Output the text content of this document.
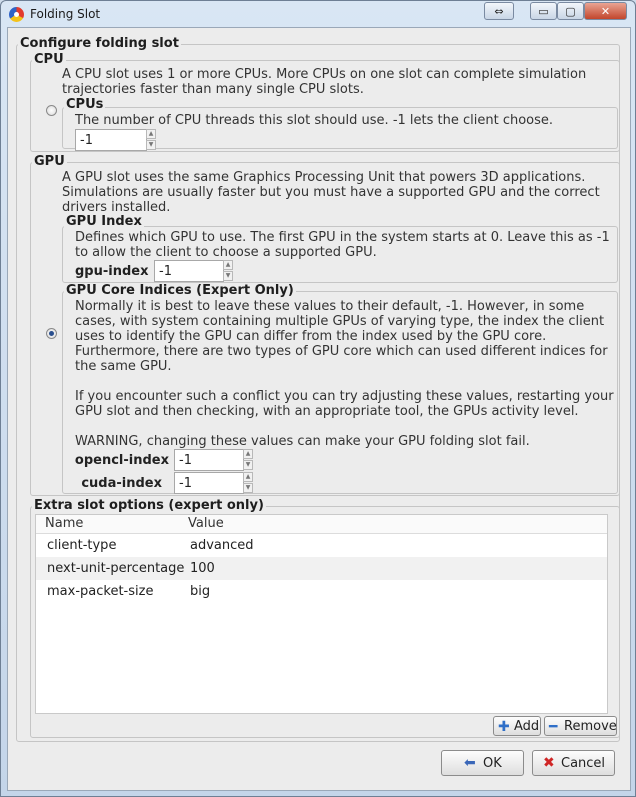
Folding Slot	⇔	▭	▢	✕
Configure folding slot
CPU
A CPU slot uses 1 or more CPUs. More CPUs on one slot can complete simulation
trajectories faster than many single CPU slots.
CPUs
The number of CPU threads this slot should use. -1 lets the client choose.
-1
▲
▼
GPU
A GPU slot uses the same Graphics Processing Unit that powers 3D applications.
Simulations are usually faster but you must have a supported GPU and the correct
drivers installed.
GPU Index
Defines which GPU to use. The first GPU in the system starts at 0. Leave this as -1
to allow the client to choose a supported GPU.
gpu-index
-1	▲
▼
GPU Core Indices (Expert Only)
Normally it is best to leave these values to their default, -1. However, in some
cases, with system containing multiple GPUs of varying type, the index the client
uses to identify the GPU can differ from the index used by the GPU core.
Furthermore, there are two types of GPU core which can used different indices for
the same GPU.

If you encounter such a conflict you can try adjusting these values, restarting your
GPU slot and then checking, with an appropriate tool, the GPUs activity level.

WARNING, changing these values can make your GPU folding slot fail.
opencl-index
-1	▲
▼
cuda-index
-1	▲
▼
Extra slot options (expert only)
Name	Value
client-type	advanced
next-unit-percentage 100
max-packet-size	big
✚ Add ━ Remove
⬅ OK	✖ Cancel
